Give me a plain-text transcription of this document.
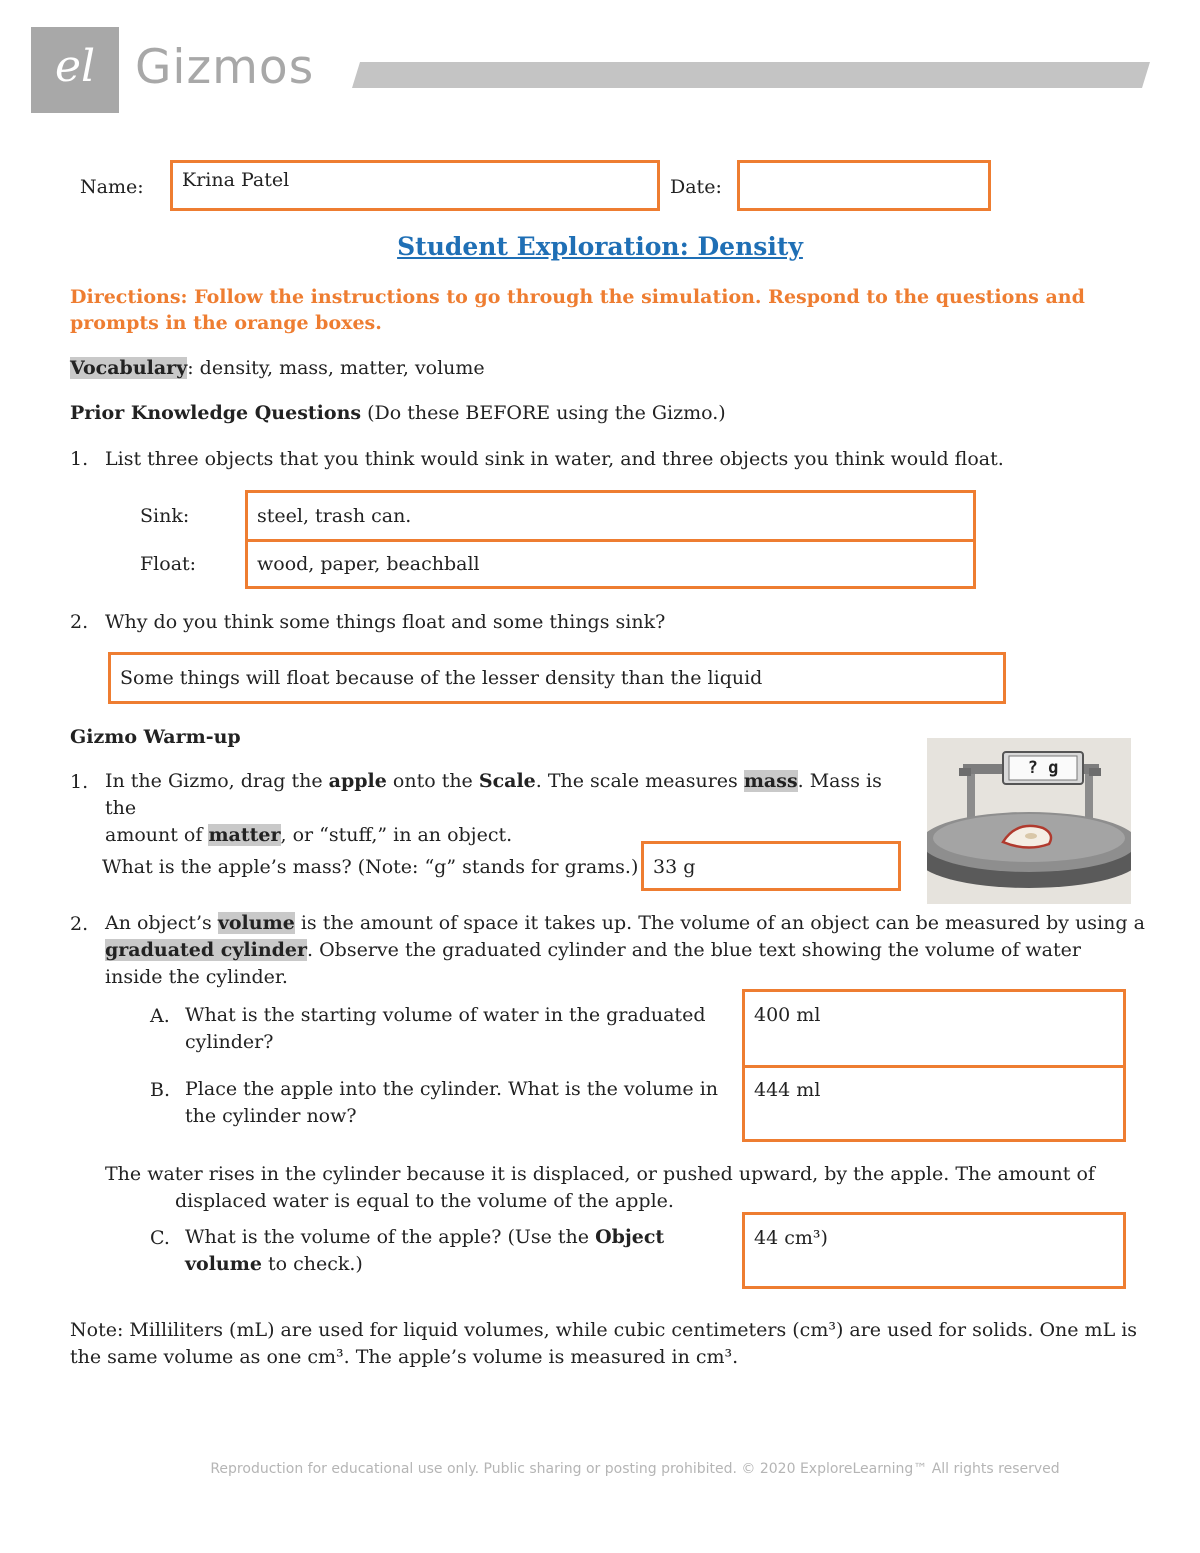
el Gizmos
Name:	Krina Patel	Date:
Student Exploration: Density
Directions: Follow the instructions to go through the simulation. Respond to the questions and prompts in the orange boxes.
Vocabulary: density, mass, matter, volume
Prior Knowledge Questions (Do these BEFORE using the Gizmo.)
1. List three objects that you think would sink in water, and three objects you think would float.
Sink:	steel, trash can.
Float:	wood, paper, beachball
2. Why do you think some things float and some things sink?
Some things will float because of the lesser density than the liquid
Gizmo Warm-up
1. In the Gizmo, drag the apple onto the Scale. The scale measures mass. Mass is the
amount of matter, or “stuff,” in an object.
? g
What is the apple’s mass? (Note: “g” stands for grams.) 33 g
2. An object’s volume is the amount of space it takes up. The volume of an object can be measured by using a
graduated cylinder. Observe the graduated cylinder and the blue text showing the volume of water
inside the cylinder.
A. What is the starting volume of water in the graduated
cylinder?
400 ml
B. Place the apple into the cylinder. What is the volume in
the cylinder now?
444 ml
The water rises in the cylinder because it is displaced, or pushed upward, by the apple. The amount of
displaced water is equal to the volume of the apple.
C. What is the volume of the apple? (Use the Object
volume to check.)
44 cm³)
Note: Milliliters (mL) are used for liquid volumes, while cubic centimeters (cm³) are used for solids. One mL is
the same volume as one cm³. The apple’s volume is measured in cm³.
Reproduction for educational use only. Public sharing or posting prohibited. © 2020 ExploreLearning™ All rights reserved
